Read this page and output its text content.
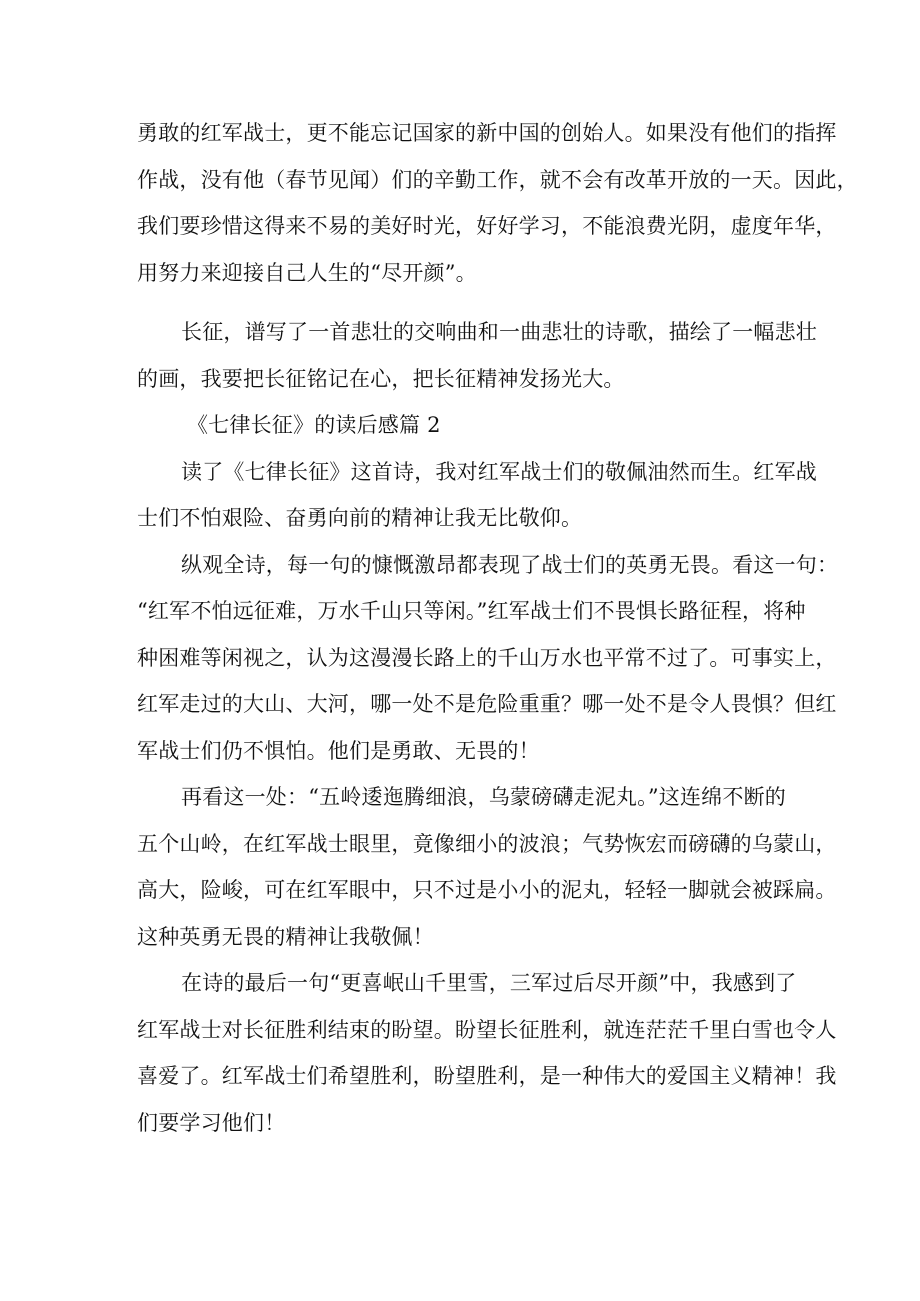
勇敢的红军战士，更不能忘记国家的新中国的创始人。如果没有他们的指挥
作战，没有他（春节见闻）们的辛勤工作，就不会有改革开放的一天。因此，
我们要珍惜这得来不易的美好时光，好好学习，不能浪费光阴，虚度年华，
用努力来迎接自己人生的“尽开颜”。
长征，谱写了一首悲壮的交响曲和一曲悲壮的诗歌，描绘了一幅悲壮
的画，我要把长征铭记在心，把长征精神发扬光大。
《七律长征》的读后感篇 2
读了《七律长征》这首诗，我对红军战士们的敬佩油然而生。红军战
士们不怕艰险、奋勇向前的精神让我无比敬仰。
纵观全诗，每一句的慷慨激昂都表现了战士们的英勇无畏。看这一句：
“红军不怕远征难，万水千山只等闲。”红军战士们不畏惧长路征程，将种
种困难等闲视之，认为这漫漫长路上的千山万水也平常不过了。可事实上，
红军走过的大山、大河，哪一处不是危险重重？哪一处不是令人畏惧？但红
军战士们仍不惧怕。他们是勇敢、无畏的！
再看这一处：“五岭逶迤腾细浪，乌蒙磅礴走泥丸。”这连绵不断的
五个山岭，在红军战士眼里，竟像细小的波浪；气势恢宏而磅礴的乌蒙山，
高大，险峻，可在红军眼中，只不过是小小的泥丸，轻轻一脚就会被踩扁。
这种英勇无畏的精神让我敬佩！
在诗的最后一句“更喜岷山千里雪，三军过后尽开颜”中，我感到了
红军战士对长征胜利结束的盼望。盼望长征胜利，就连茫茫千里白雪也令人
喜爱了。红军战士们希望胜利，盼望胜利，是一种伟大的爱国主义精神！我
们要学习他们！
